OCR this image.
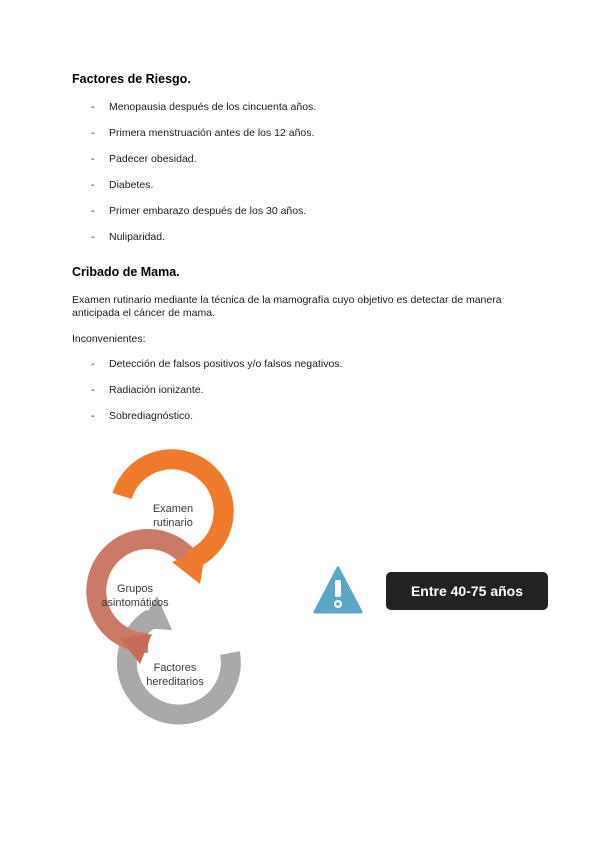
Factores de Riesgo.
- Menopausia después de los cincuenta años.
- Primera menstruación antes de los 12 años.
- Padecer obesidad.
- Diabetes.
- Primer embarazo después de los 30 años.
- Nuliparidad.
Cribado de Mama.

Examen rutinario mediante la técnica de la mamografía cuyo objetivo es detectar de manera anticipada el cáncer de mama.

Inconvenientes:

- Detección de falsos positivos y/o falsos negativos.
- Radiación ionizante.
- Sobrediagnóstico.
Examen
rutinario
Grupos
asintomáticos
Factores
hereditarios
Entre 40-75 años
